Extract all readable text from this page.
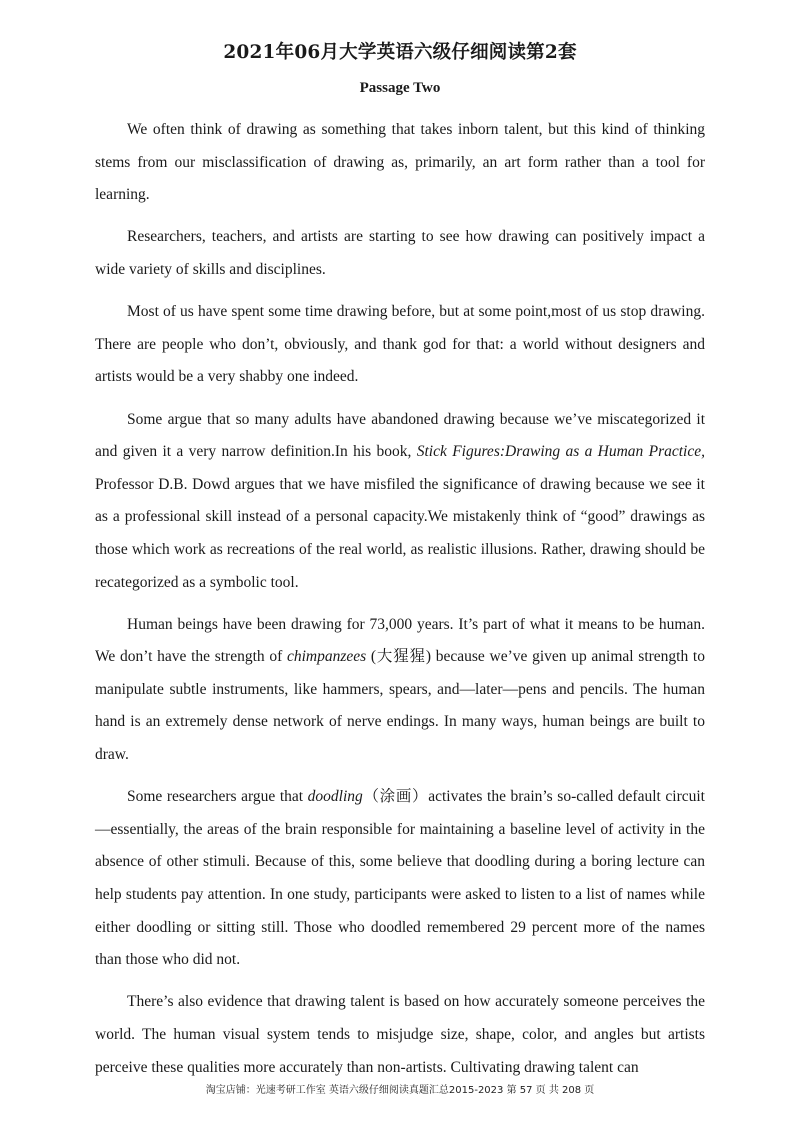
2021年06月大学英语六级仔细阅读第2套
Passage Two

We often think of drawing as something that takes inborn talent, but this kind of thinking stems from our misclassification of drawing as, primarily, an art form rather than a tool for learning.

Researchers, teachers, and artists are starting to see how drawing can positively impact a wide variety of skills and disciplines.

Most of us have spent some time drawing before, but at some point,most of us stop drawing. There are people who don’t, obviously, and thank god for that: a world without designers and artists would be a very shabby one indeed.

Some argue that so many adults have abandoned drawing because we’ve miscategorized it and given it a very narrow definition.In his book, Stick Figures:Drawing as a Human Practice, Professor D.B. Dowd argues that we have misfiled the significance of drawing because we see it as a professional skill instead of a personal capacity.We mistakenly think of “good” drawings as those which work as recreations of the real world, as realistic illusions. Rather, drawing should be recategorized as a symbolic tool.

Human beings have been drawing for 73,000 years. It’s part of what it means to be human. We don’t have the strength of chimpanzees (大猩猩) because we’ve given up animal strength to manipulate subtle instruments, like hammers, spears, and—later—pens and pencils. The human hand is an extremely dense network of nerve endings. In many ways, human beings are built to draw.

Some researchers argue that doodling（涂画）activates the brain’s so-called default circuit—essentially, the areas of the brain responsible for maintaining a baseline level of activity in the absence of other stimuli. Because of this, some believe that doodling during a boring lecture can help students pay attention. In one study, participants were asked to listen to a list of names while either doodling or sitting still. Those who doodled remembered 29 percent more of the names than those who did not.

There’s also evidence that drawing talent is based on how accurately someone perceives the world. The human visual system tends to misjudge size, shape, color, and angles but artists perceive these qualities more accurately than non-artists. Cultivating drawing talent can

淘宝店铺：光速考研工作室 英语六级仔细阅读真题汇总2015-2023 第 57 页 共 208 页
